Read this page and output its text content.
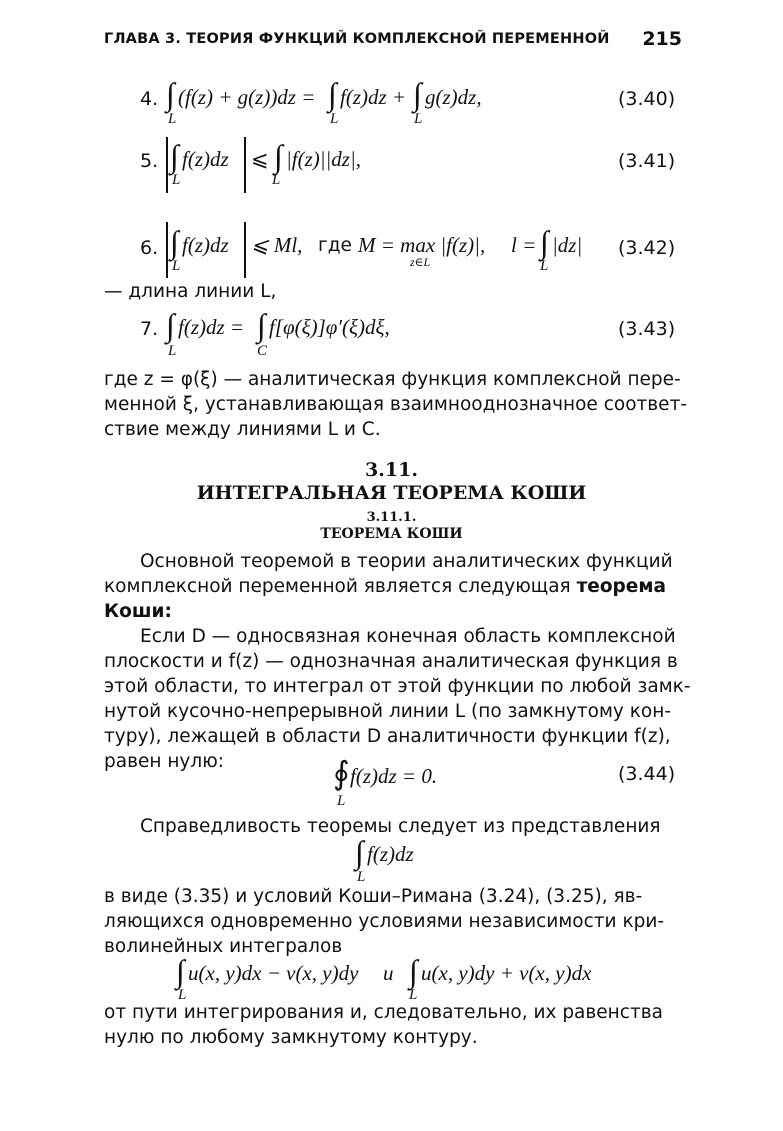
ГЛАВА 3. ТЕОРИЯ ФУНКЦИЙ КОМПЛЕКСНОЙ ПЕРЕМЕННОЙ 215
4. ∫ (f(z) + g(z))dz = ∫ f(z)dz + ∫ g(z)dz,
L	L	L
(3.40)
5. ∫ f(z)dz
L
⩽ ∫ |f(z)||dz|,
L
(3.41)
6. ∫ f(z)dz
L
⩽ Ml, где M = max |f(z)|,
z∈L
l = ∫ |dz|
L
(3.42)
— длина линии L,
7. ∫ f(z)dz =
L
∫ f[φ(ξ)]φ′(ξ)dξ,
C
(3.43)
где z = φ(ξ) — аналитическая функция комплексной пере-
менной ξ, устанавливающая взаимнооднозначное соответ-
ствие между линиями L и C.
3.11.
ИНТЕГРАЛЬНАЯ ТЕОРЕМА КОШИ
3.11.1.
ТЕОРЕМА КОШИ
Основной теоремой в теории аналитических функций
комплексной переменной является следующая теорема
Коши:
Если D — односвязная конечная область комплексной
плоскости и f(z) — однозначная аналитическая функция в
этой области, то интеграл от этой функции по любой замк-
нутой кусочно-непрерывной линии L (по замкнутому кон-
туру), лежащей в области D аналитичности функции f(z),
равен нулю:	∮ f(z)dz = 0.
L
(3.44)
Справедливость теоремы следует из представления
∫ f(z)dz
L
в виде (3.35) и условий Коши–Римана (3.24), (3.25), яв-
ляющихся одновременно условиями независимости кри-
волинейных интегралов
∫ u(x, y)dx − v(x, y)dy
L
и ∫ u(x, y)dy + v(x, y)dx
L
от пути интегрирования и, следовательно, их равенства
нулю по любому замкнутому контуру.
